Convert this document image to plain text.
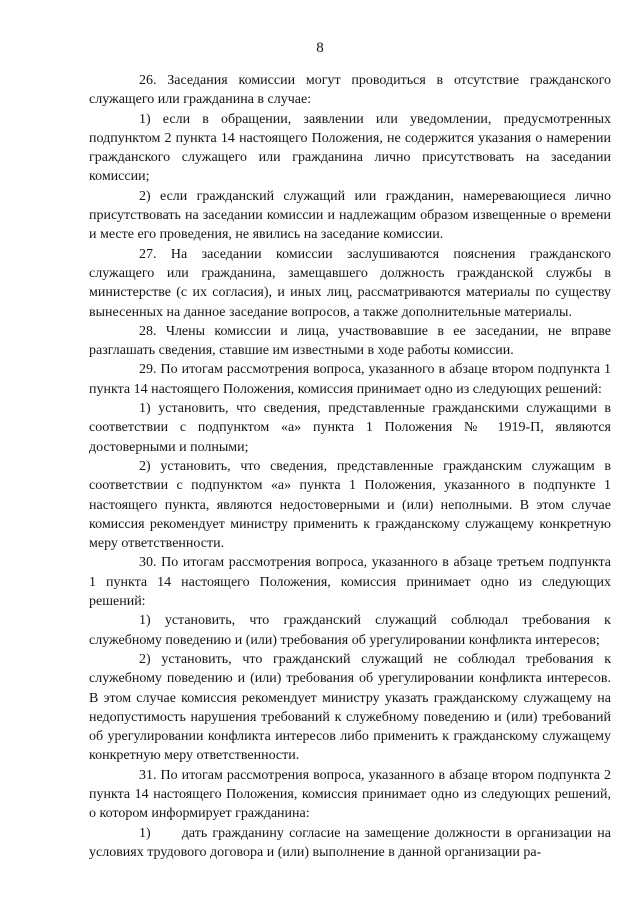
8

26. Заседания комиссии могут проводиться в отсутствие гражданского служащего или гражданина в случае:

1) если в обращении, заявлении или уведомлении, предусмотренных подпунктом 2 пункта 14 настоящего Положения, не содержится указания о намерении гражданского служащего или гражданина лично присутствовать на заседании комиссии;

2) если гражданский служащий или гражданин, намеревающиеся лично присутствовать на заседании комиссии и надлежащим образом извещенные о времени и месте его проведения, не явились на заседание комиссии.

27. На заседании комиссии заслушиваются пояснения гражданского служащего или гражданина, замещавшего должность гражданской службы в министерстве (с их согласия), и иных лиц, рассматриваются материалы по существу вынесенных на данное заседание вопросов, а также дополнительные материалы.

28. Члены комиссии и лица, участвовавшие в ее заседании, не вправе разглашать сведения, ставшие им известными в ходе работы комиссии.

29. По итогам рассмотрения вопроса, указанного в абзаце втором подпункта 1 пункта 14 настоящего Положения, комиссия принимает одно из следующих решений:

1) установить, что сведения, представленные гражданскими служащими в соответствии с подпунктом «а» пункта 1 Положения № 1919-П, являются достоверными и полными;

2) установить, что сведения, представленные гражданским служащим в соответствии с подпунктом «а» пункта 1 Положения, указанного в подпункте 1 настоящего пункта, являются недостоверными и (или) неполными. В этом случае комиссия рекомендует министру применить к гражданскому служащему конкретную меру ответственности.

30. По итогам рассмотрения вопроса, указанного в абзаце третьем подпункта 1 пункта 14 настоящего Положения, комиссия принимает одно из следующих решений:

1) установить, что гражданский служащий соблюдал требования к служебному поведению и (или) требования об урегулировании конфликта интересов;

2) установить, что гражданский служащий не соблюдал требования к служебному поведению и (или) требования об урегулировании конфликта интересов. В этом случае комиссия рекомендует министру указать гражданскому служащему на недопустимость нарушения требований к служебному поведению и (или) требований об урегулировании конфликта интересов либо применить к гражданскому служащему конкретную меру ответственности.

31. По итогам рассмотрения вопроса, указанного в абзаце втором подпункта 2 пункта 14 настоящего Положения, комиссия принимает одно из следующих решений, о котором информирует гражданина:

1)      дать гражданину согласие на замещение должности в организации на условиях трудового договора и (или) выполнение в данной организации ра-
